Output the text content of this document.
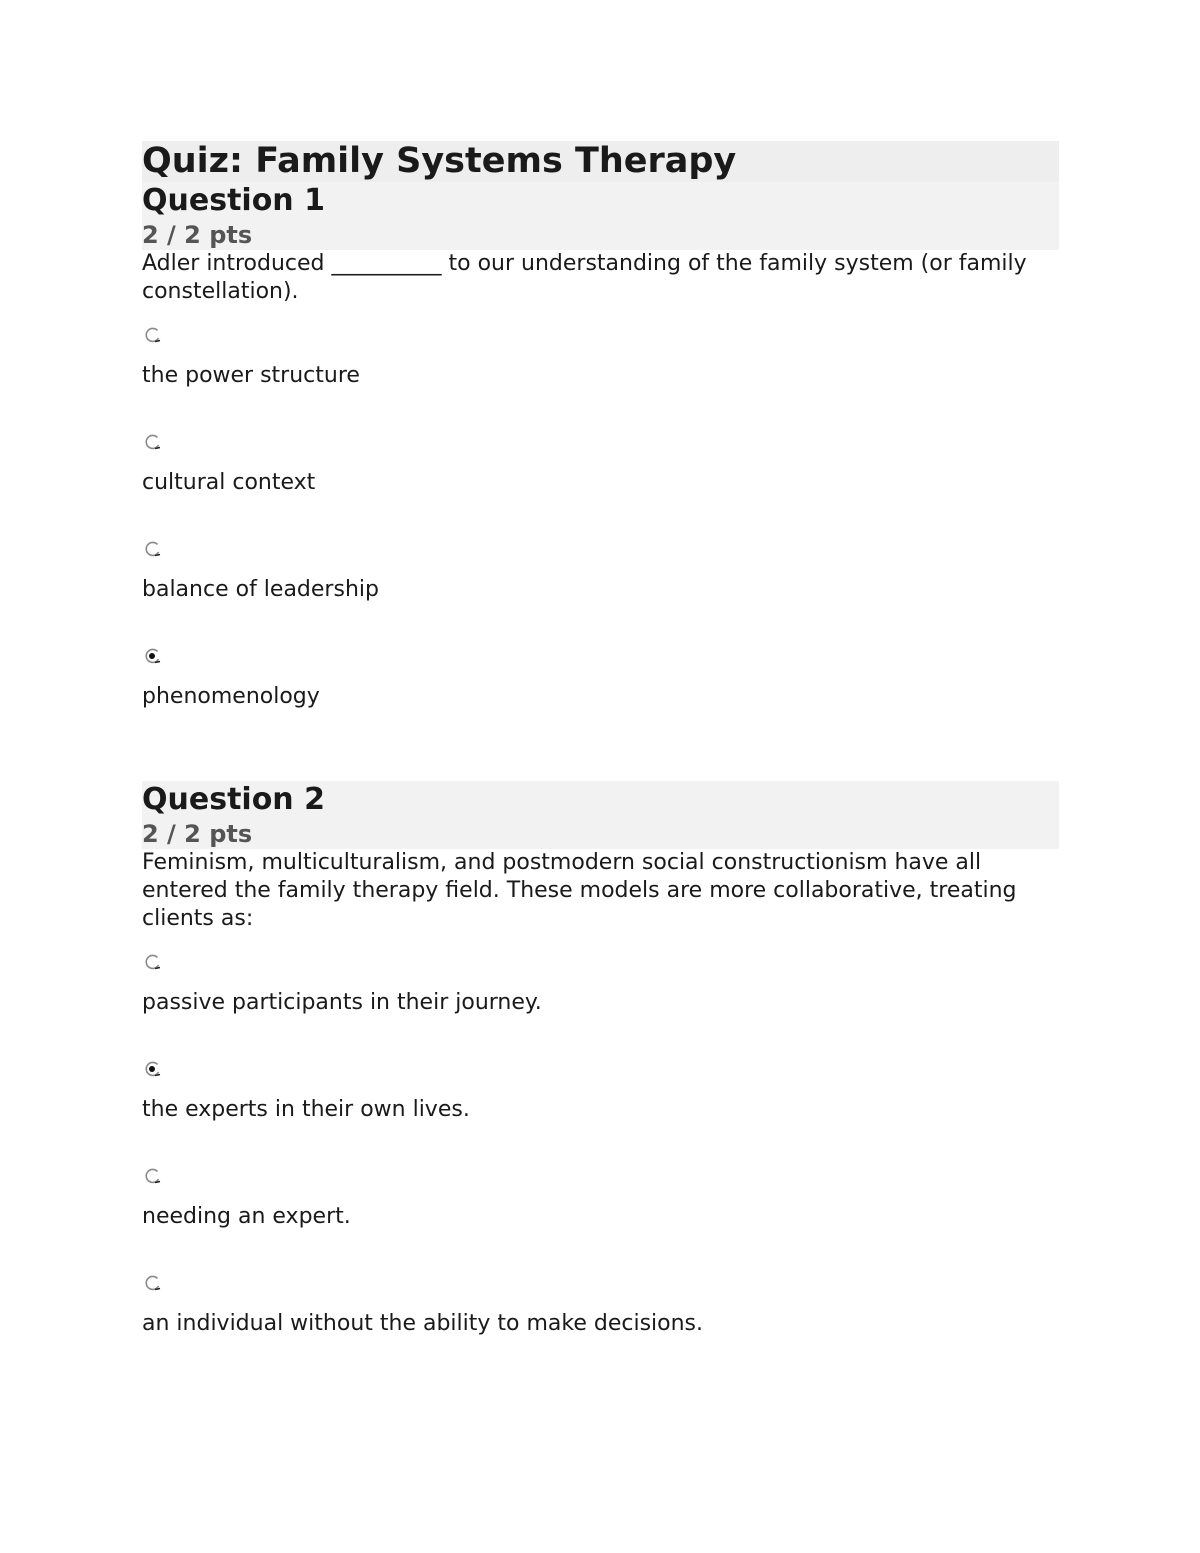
Quiz: Family Systems Therapy
Question 1
2 / 2 pts
Adler introduced __________ to our understanding of the family system (or family constellation).
the power structure
cultural context
balance of leadership
phenomenology
Question 2
2 / 2 pts
Feminism, multiculturalism, and postmodern social constructionism have all entered the family therapy field. These models are more collaborative, treating clients as:
passive participants in their journey.
the experts in their own lives.
needing an expert.
an individual without the ability to make decisions.
